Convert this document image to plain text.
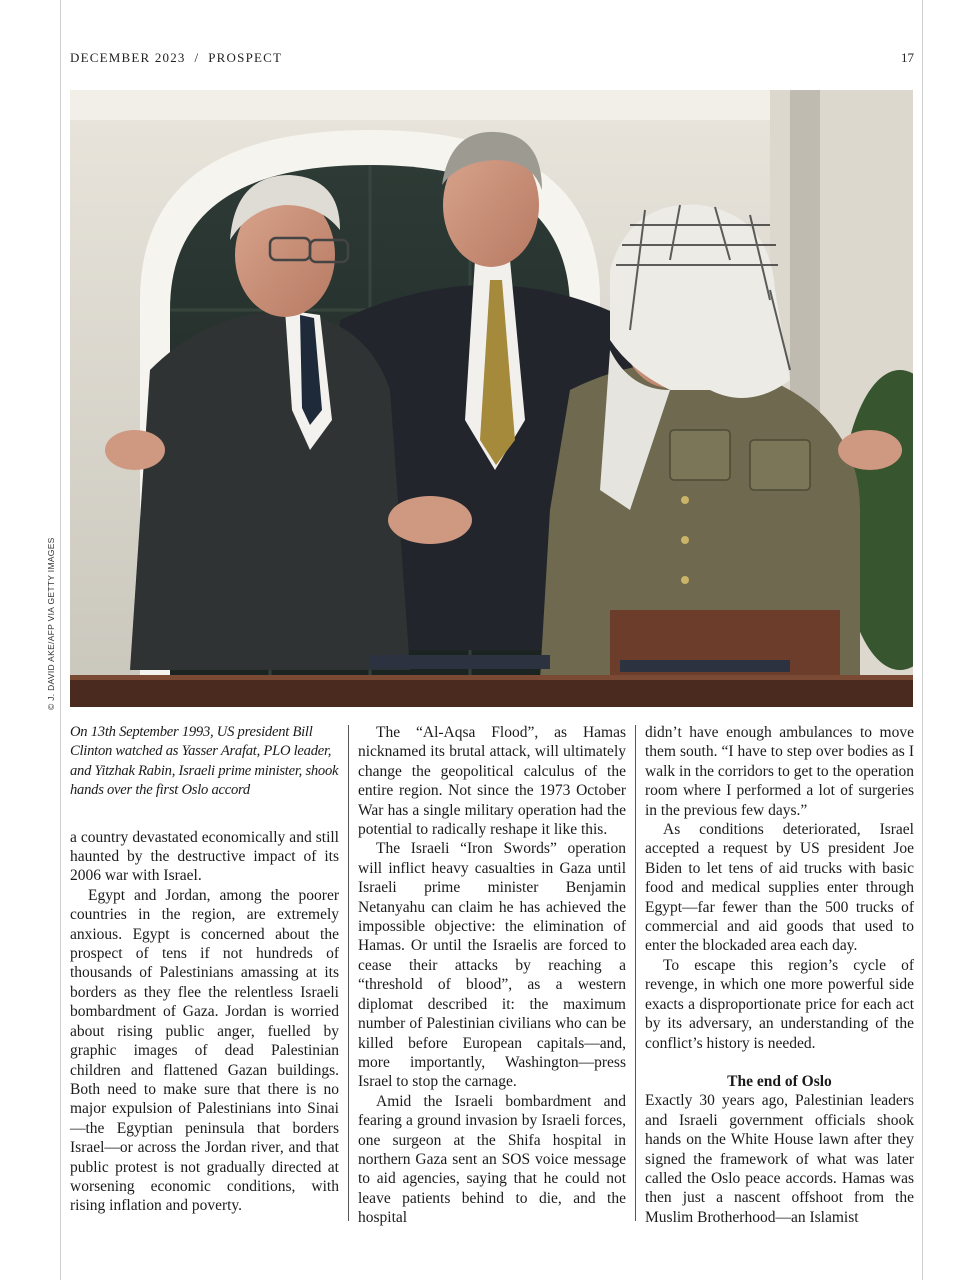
DECEMBER 2023  /  PROSPECT	17
© J. DAVID AKE/AFP VIA GETTY IMAGES

On 13th September 1993, US president Bill Clinton watched as Yasser Arafat, PLO leader, and Yitzhak Rabin, Israeli prime minister, shook hands over the first Oslo accord

a country devastated economically and still haunted by the destructive impact of its 2006 war with Israel.

Egypt and Jordan, among the poorer countries in the region, are extremely anxious. Egypt is concerned about the prospect of tens if not hundreds of thousands of Palestinians amassing at its borders as they flee the relentless Israeli bombardment of Gaza. Jordan is worried about rising public anger, fuelled by graphic images of dead Palestinian children and flattened Gazan buildings. Both need to make sure that there is no major expulsion of Palestinians into Sinai—the Egyptian peninsula that borders Israel—or across the Jordan river, and that public protest is not gradually directed at worsening economic conditions, with rising inflation and poverty.

The “Al-Aqsa Flood”, as Hamas nicknamed its brutal attack, will ultimately change the geopolitical calculus of the entire region. Not since the 1973 October War has a single military operation had the potential to radically reshape it like this.

The Israeli “Iron Swords” operation will inflict heavy casualties in Gaza until Israeli prime minister Benjamin Netanyahu can claim he has achieved the impossible objective: the elimination of Hamas. Or until the Israelis are forced to cease their attacks by reaching a “threshold of blood”, as a western diplomat described it: the maximum number of Palestinian civilians who can be killed before European capitals—and, more importantly, Washington—press Israel to stop the carnage.

Amid the Israeli bombardment and fearing a ground invasion by Israeli forces, one surgeon at the Shifa hospital in northern Gaza sent an SOS voice message to aid agencies, saying that he could not leave patients behind to die, and the hospital

didn’t have enough ambulances to move them south. “I have to step over bodies as I walk in the corridors to get to the operation room where I performed a lot of surgeries in the previous few days.”

As conditions deteriorated, Israel accepted a request by US president Joe Biden to let tens of aid trucks with basic food and medical supplies enter through Egypt—far fewer than the 500 trucks of commercial and aid goods that used to enter the blockaded area each day.

To escape this region’s cycle of revenge, in which one more powerful side exacts a disproportionate price for each act by its adversary, an understanding of the conflict’s history is needed.

The end of Oslo

Exactly 30 years ago, Palestinian leaders and Israeli government officials shook hands on the White House lawn after they signed the framework of what was later called the Oslo peace accords. Hamas was then just a nascent offshoot from the Muslim Brotherhood—an Islamist
